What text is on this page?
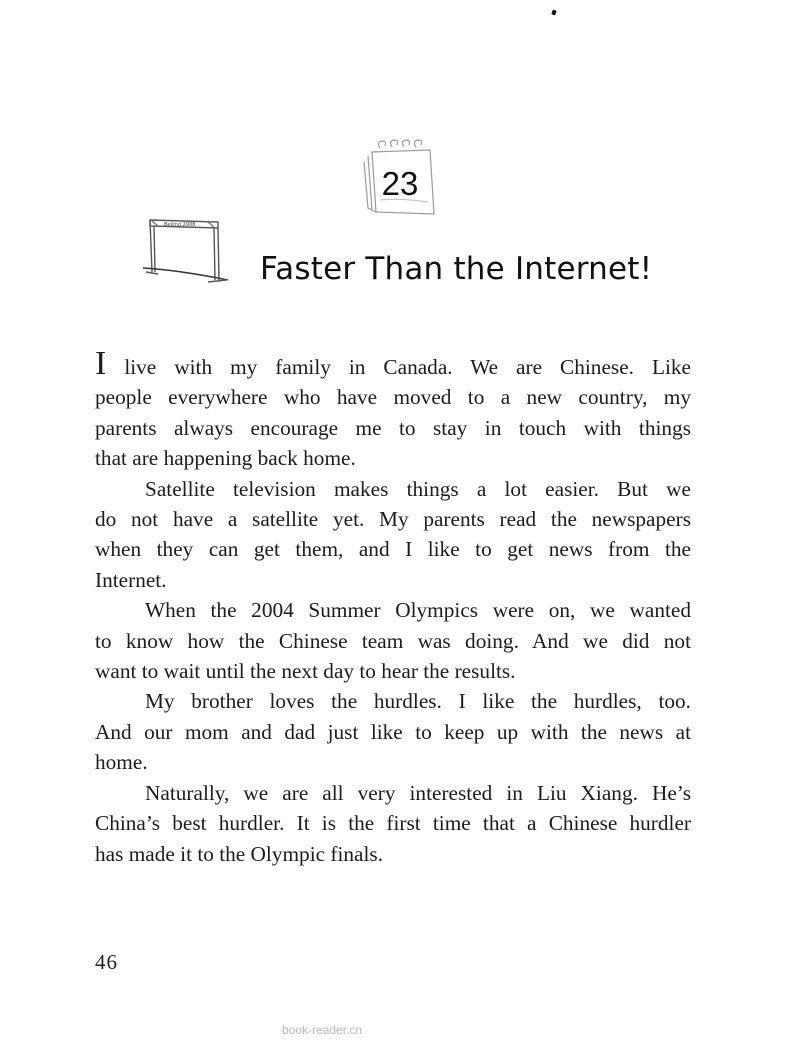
23
Beijing 2008
Faster Than the Internet!
I live with my family in Canada. We are Chinese. Like
people everywhere who have moved to a new country, my
parents always encourage me to stay in touch with things
that are happening back home.
Satellite television makes things a lot easier. But we
do not have a satellite yet. My parents read the newspapers
when they can get them, and I like to get news from the
Internet.
When the 2004 Summer Olympics were on, we wanted
to know how the Chinese team was doing. And we did not
want to wait until the next day to hear the results.
My brother loves the hurdles. I like the hurdles, too.
And our mom and dad just like to keep up with the news at
home.
Naturally, we are all very interested in Liu Xiang. He’s
China’s best hurdler. It is the first time that a Chinese hurdler
has made it to the Olympic finals.
46
book-reader.cn
